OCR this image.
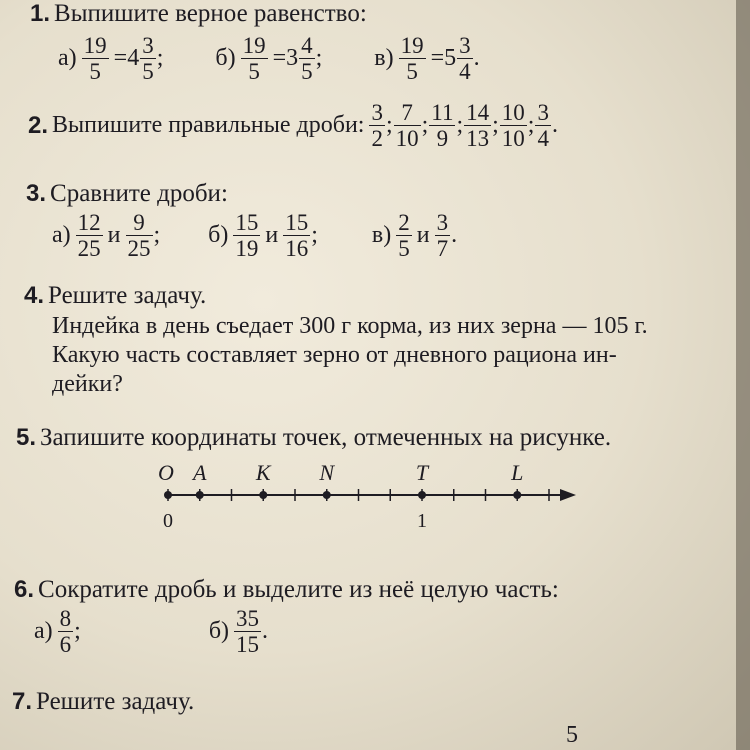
1. Выпишите верное равенство:
$а) \frac{19}{5} =4 \frac{3}{5}$ ; $б) \frac{19}{5} =3 \frac{4}{5}$ ; $в) \frac{19}{5} =5 \frac{3}{4}$ .
2. Выпишите правильные дроби: $\frac{3}{2}$ ; $\frac{7}{10}$ ; $\frac{11}{9}$ ; $\frac{14}{13}$ ; $\frac{10}{10}$ ; $\frac{3}{4}$ .
3. Сравните дроби:
$а) \frac{12}{25}$ и $\frac{9}{25}$ ; $б) \frac{15}{19}$ и $\frac{15}{16}$ ; $в) \frac{2}{5}$ и $\frac{3}{7}$ .
4. Решите задачу.
Индейка в день съедает 300 г корма, из них зерна — 105 г.
Какую часть составляет зерно от дневного рациона ин-
дейки?
5. Запишите координаты точек, отмеченных на рисунке.
0	1
O A K N	T	L
6. Сократите дробь и выделите из неё целую часть:
$а) \frac{8}{6}$ ;	$б) \frac{35}{15}$ .
7. Решите задачу.
5
